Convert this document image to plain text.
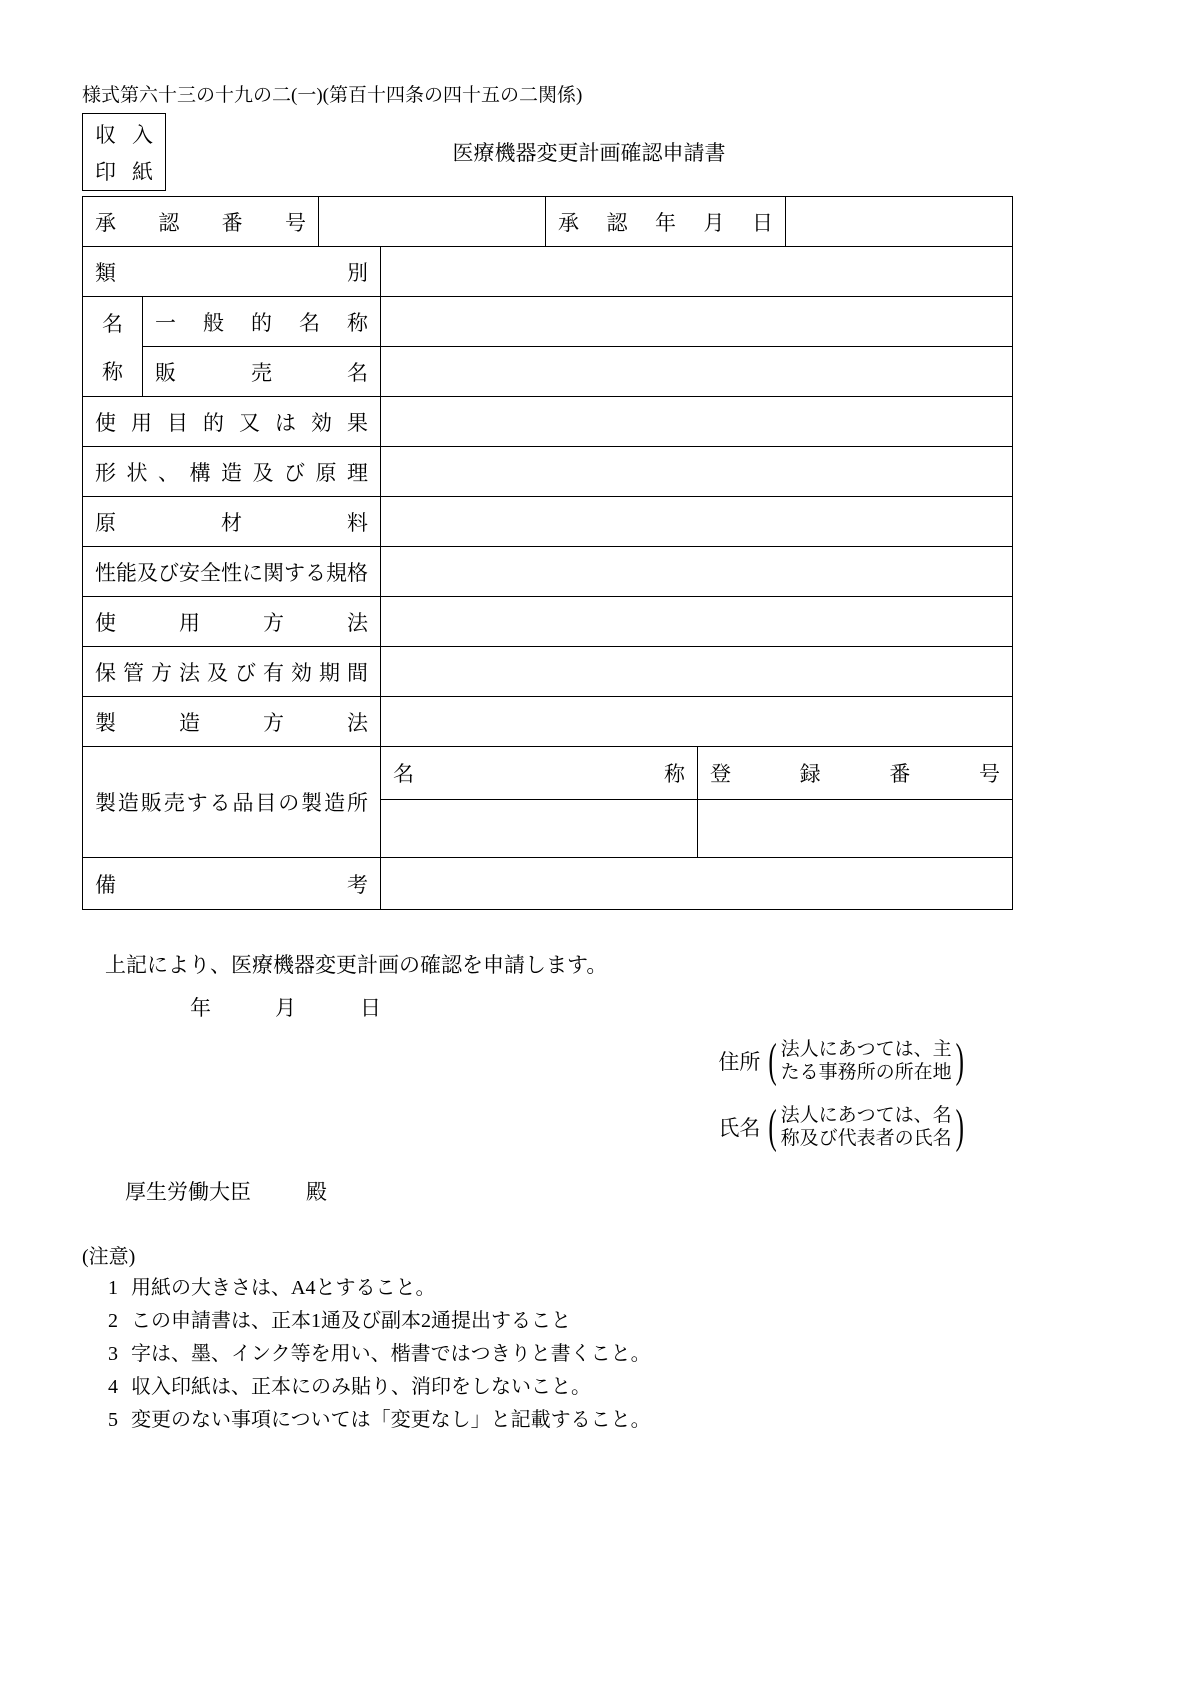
様式第六十三の十九の二(一)(第百十四条の四十五の二関係)
収 入
印 紙
医療機器変更計画確認申請書
承 認 番 号				承 認 年 月 日		

類 別						

名
称	一 般 的 名 称					

	販 売 名					

使 用 目 的 又 は 効 果

形 状 、 構 造 及 び 原 理

原 材 料						

性 能 及 び 安 全 性 に 関 す る 規 格

使 用 方 法						

保 管 方 法 及 び 有 効 期 間

製 造 方 法						

製 造 販 売 す る 品 目 の 製 造 所

名	称	登	録	番	号

備 考						

上記により、医療機器変更計画の確認を申請します。
年	月	日
住所 ( 法人にあつては、主
たる事務所の所在地 )
氏名 ( 法人にあつては、名
称及び代表者の氏名 )
厚生労働大臣	殿
(注意)
1 用紙の大きさは、A4とすること。
2 この申請書は、正本1通及び副本2通提出すること
3 字は、墨、インク等を用い、楷書ではつきりと書くこと。
4 収入印紙は、正本にのみ貼り、消印をしないこと。
5 変更のない事項については「変更なし」と記載すること。
